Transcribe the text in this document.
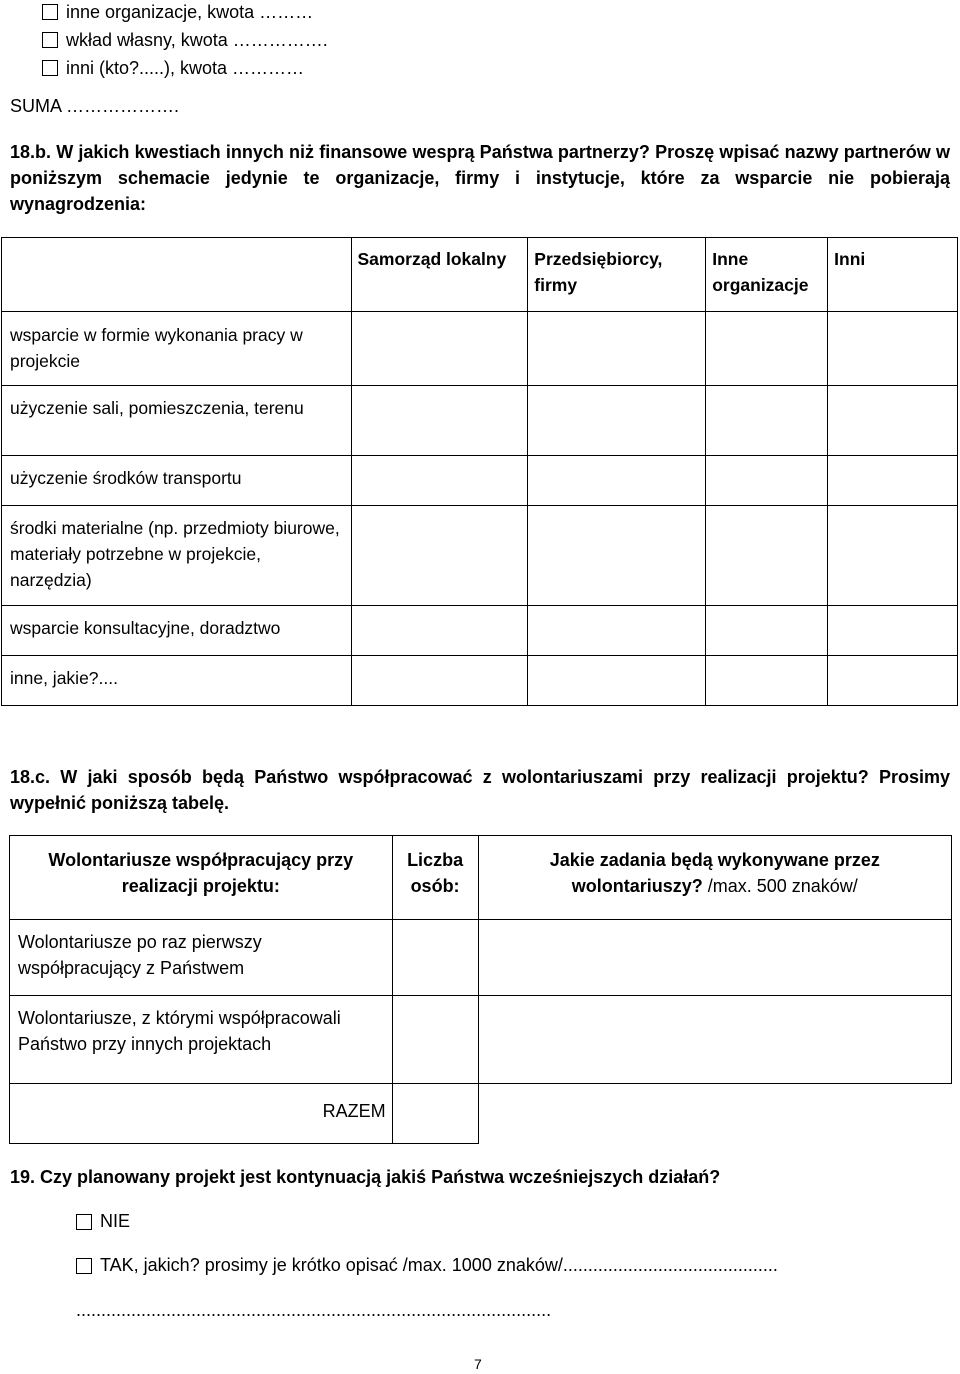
inne organizacje, kwota ………
wkład własny, kwota …………….
inni (kto?.....), kwota …………
SUMA ……………….

18.b. W jakich kwestiach innych niż finansowe wesprą Państwa partnerzy? Proszę wpisać nazwy partnerów w poniższym schemacie jedynie te organizacje, firmy i instytucje, które za wsparcie nie pobierają wynagrodzenia:

	Samorząd lokalny	Przedsiębiorcy, firmy	Inne organizacje	Inni
wsparcie w formie wykonania pracy w projekcie				
użyczenie sali, pomieszczenia, terenu				
użyczenie środków transportu				
środki materialne (np. przedmioty biurowe, materiały potrzebne w projekcie, narzędzia)				
wsparcie konsultacyjne, doradztwo				
inne, jakie?....				

18.c. W jaki sposób będą Państwo współpracować z wolontariuszami przy realizacji projektu? Prosimy wypełnić poniższą tabelę.

Wolontariusze współpracujący przy realizacji projektu:	Liczba osób:	Jakie zadania będą wykonywane przez wolontariuszy? /max. 500 znaków/
Wolontariusze po raz pierwszy współpracujący z Państwem		
Wolontariusze, z którymi współpracowali Państwo przy innych projektach		
RAZEM		
19. Czy planowany projekt jest kontynuacją jakiś Państwa wcześniejszych działań?
NIE
TAK, jakich? prosimy je krótko opisać /max. 1000 znaków/...........................................
...............................................................................................
7
